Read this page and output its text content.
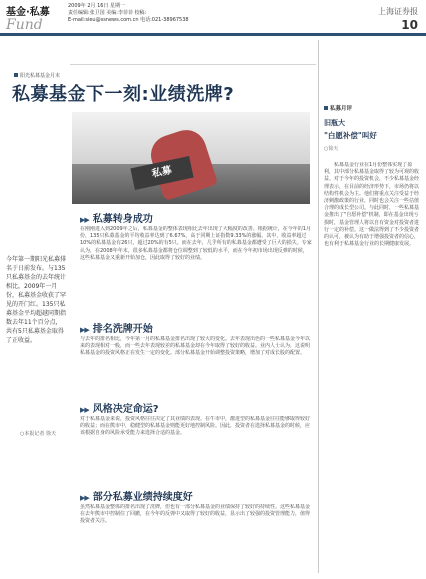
基金·私募
Fund
2009年 2月 16日 星期一
责任编辑:张卫国 美编:李菲菲 校稿:
E-mail:sieu@ssnews.com.cn 电话:021-38967538
上海证券报
10
阳光私募基金月末
私募基金下一刻:业绩洗牌?
私募
今年第一期阳光私募排名于日前发布。与135只私募基金的去年统计相比，2009年一月份，私募基金收获了罕见的开门红。135只私募基金平均超越同期指数去年11个百分点，共有5只私募基金取得了正收益。
○本报记者 徐天
▶▶ 私募转身成功
在刚刚进入到2009年之后，私募基金的整体表现相比去年出现了大幅度的改善。根据统计，在今年的1月份，135只私募基金的平均收益率达到了6.67%，高于同期上证指数9.33%的涨幅。其中，收益率超过10%的私募基金有26只，超过20%的有5只。而在去年，几乎所有的私募基金都遭受了巨大的损失。专家认为，在2008年年末，很多私募基金都将仓位调整到了较低的水平，而在今年初市场出现反弹的时候，这些私募基金又重新开始加仓，因此取得了较好的业绩。
▶▶ 排名洗牌开始
与去年的排名相比，今年第一月的私募基金排名出现了较大的变化。去年表现出色的一些私募基金今年以来的表现相对一般，而一些去年表现较差的私募基金却在今年取得了较好的收益。业内人士认为，这说明私募基金的投资风格正在发生一定的变化。部分私募基金开始调整投资策略，增加了对成长股的配置。
▶▶ 风格决定命运?
对于私募基金来说，投资风格往往决定了其业绩的表现。在牛市中，激进型的私募基金往往能够取得较好的收益；而在熊市中，稳健型的私募基金则能更好地控制风险。因此，投资者在选择私募基金的时候，应该根据自身的风险承受能力来选择合适的基金。
▶▶ 部分私募业绩持续度好
虽然私募基金整体的排名出现了洗牌，但也有一部分私募基金的业绩保持了较好的持续性。这些私募基金在去年熊市中控制住了回撤，在今年的反弹中又取得了较好的收益，显示出了较强的投资管理能力，值得投资者关注。
私募月评
旧瓶大
"白愿补偿"叫好
○徐天
私募基金行业在1月份整体实现了盈利，其中部分私募基金取得了较为可观的收益。对于今年的投资机会，不少私募基金经理表示，在目前的经济形势下，市场仍将以结构性机会为主。他们将重点关注受益于经济刺激政策的行业，同时也会关注一些估值合理的成长型公司。与此同时，一些私募基金推出了"自愿补偿"机制，即在基金出现亏损时，基金管理人将以自有资金对投资者进行一定的补偿。这一做法得到了不少投资者的认可，被认为有助于增强投资者的信心，也有利于私募基金行业的长期健康发展。
